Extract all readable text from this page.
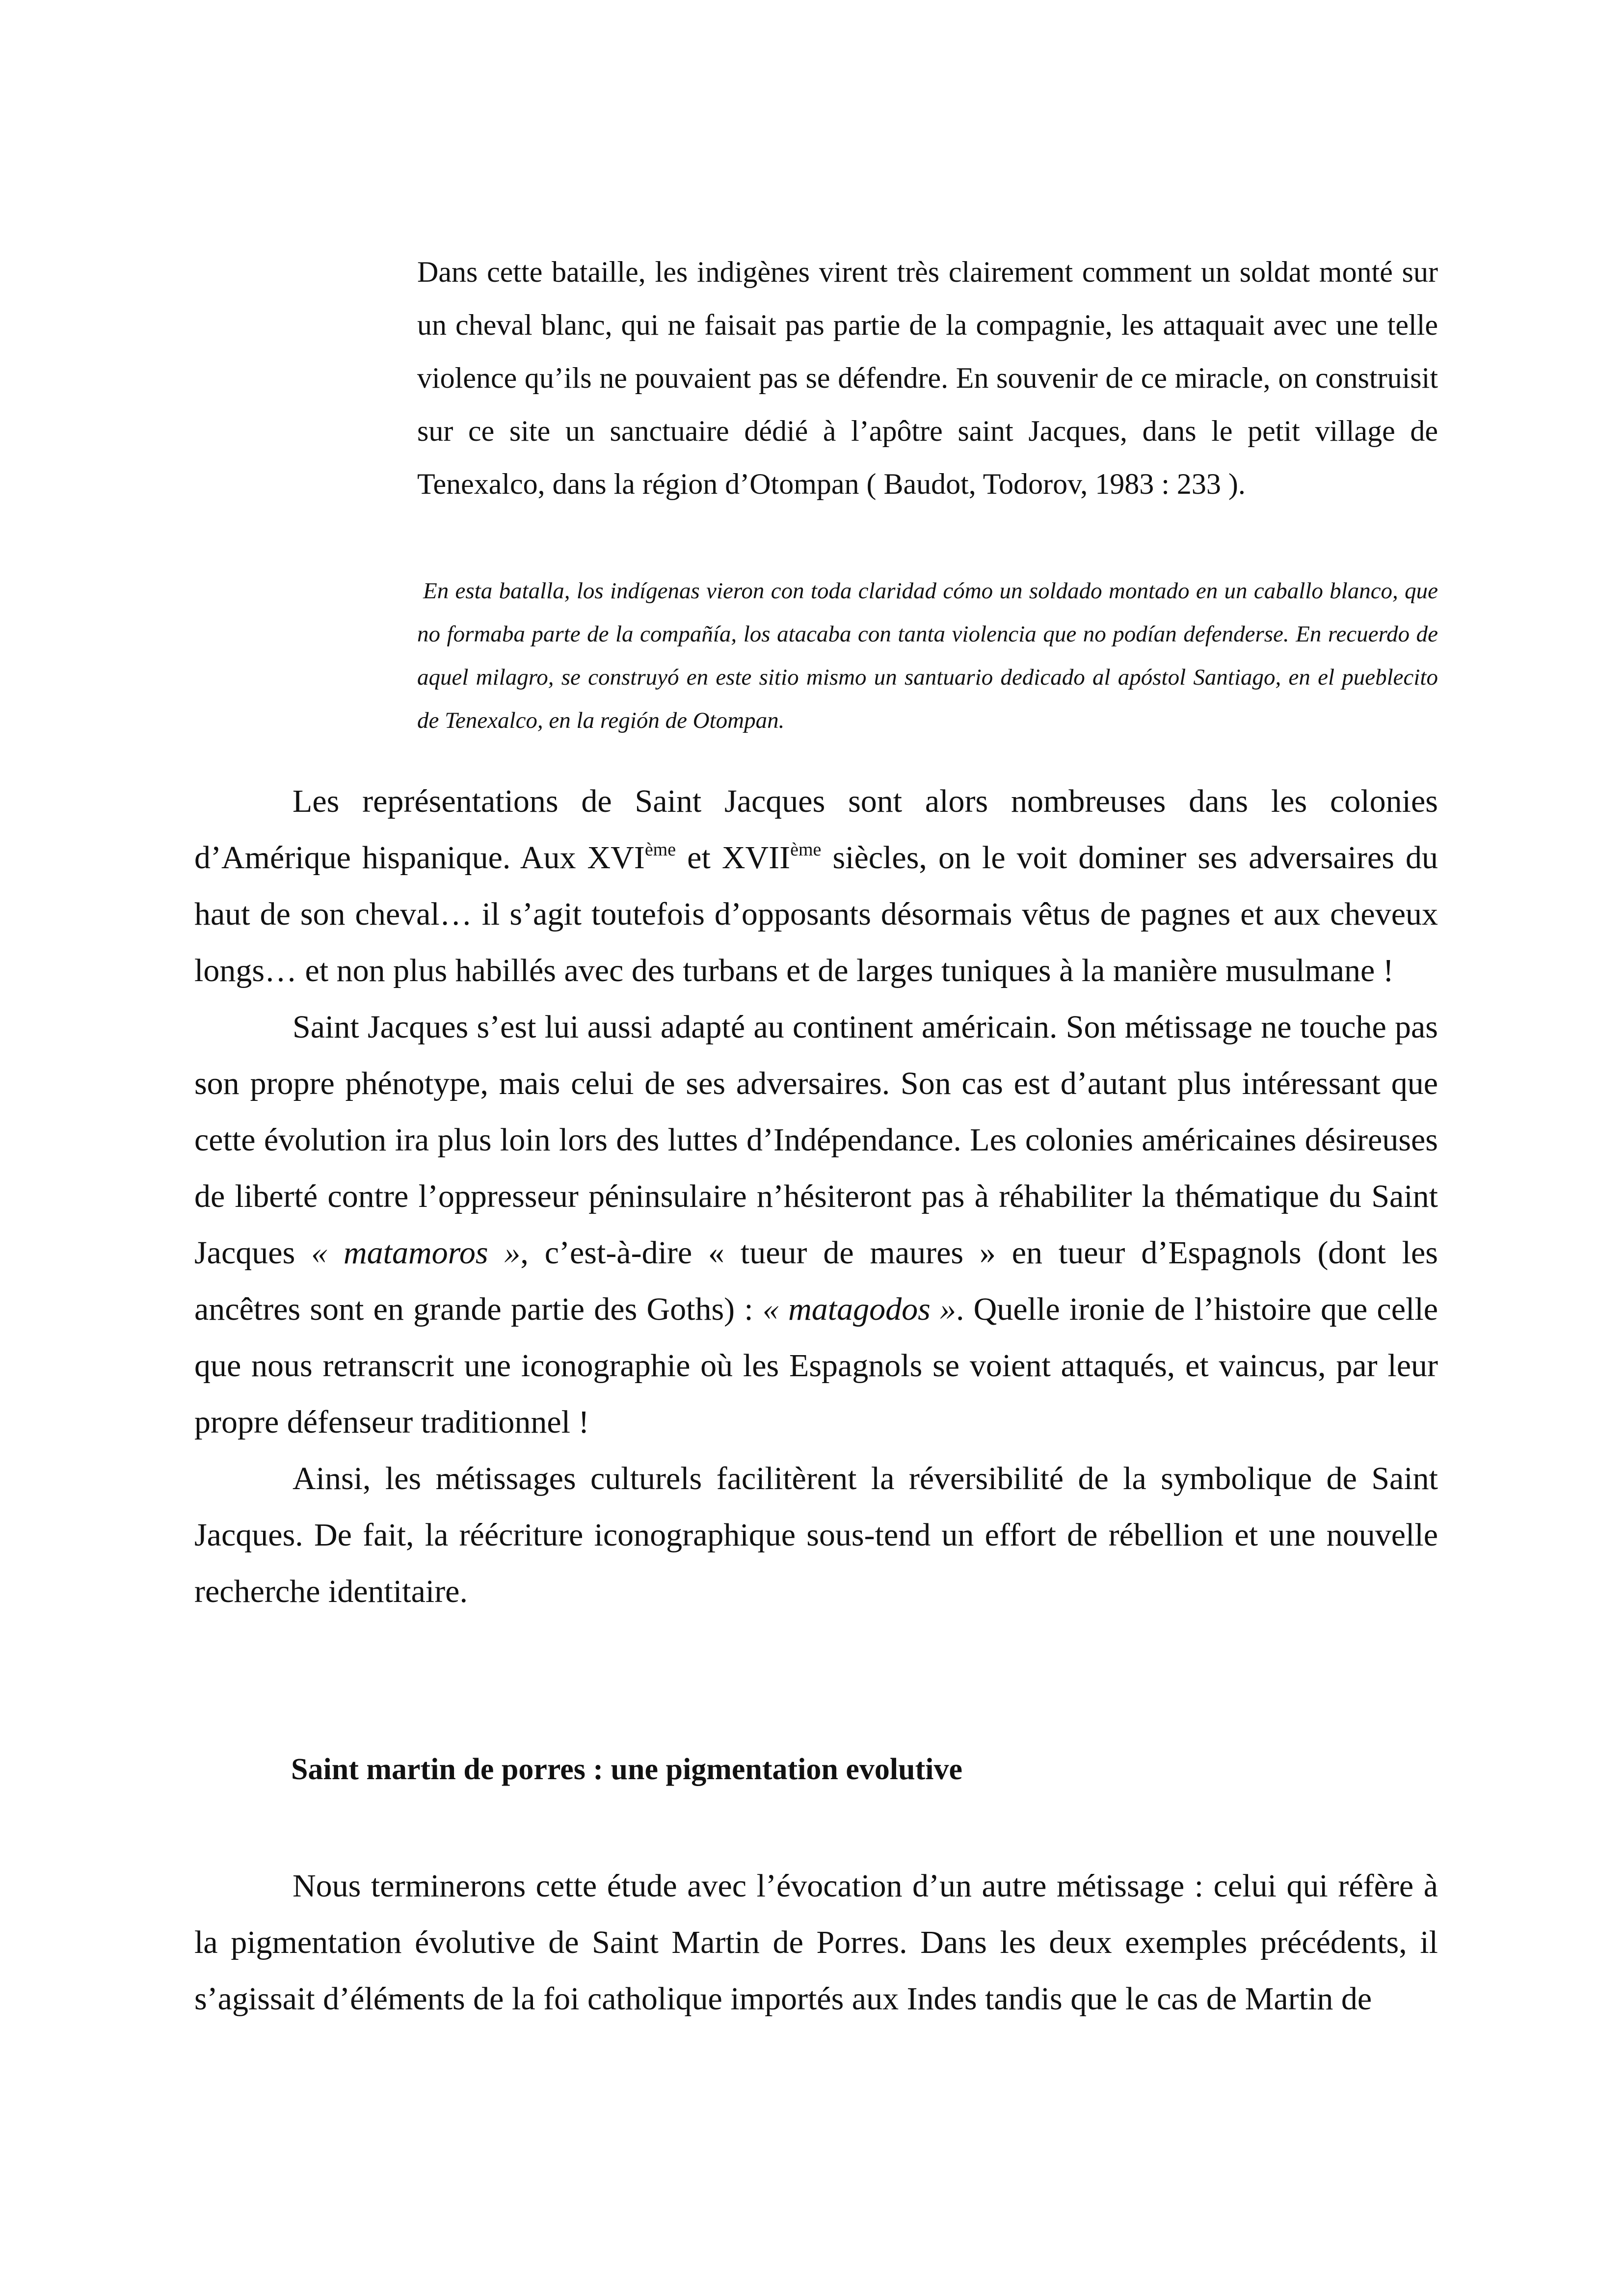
Dans cette bataille, les indigènes virent très clairement comment un soldat monté sur un cheval blanc, qui ne faisait pas partie de la compagnie, les attaquait avec une telle violence qu’ils ne pouvaient pas se défendre. En souvenir de ce miracle, on construisit sur ce site un sanctuaire dédié à l’apôtre saint Jacques, dans le petit village de Tenexalco, dans la région d’Otompan ( Baudot, Todorov, 1983 : 233 ).

En esta batalla, los indígenas vieron con toda claridad cómo un soldado montado en un caballo blanco, que no formaba parte de la compañía, los atacaba con tanta violencia que no podían defenderse. En recuerdo de aquel milagro, se construyó en este sitio mismo un santuario dedicado al apóstol Santiago, en el pueblecito de Tenexalco, en la región de Otompan.

Les représentations de Saint Jacques sont alors nombreuses dans les colonies d’Amérique hispanique. Aux XVIème et XVIIème siècles, on le voit dominer ses adversaires du haut de son cheval… il s’agit toutefois d’opposants désormais vêtus de pagnes et aux cheveux longs… et non plus habillés avec des turbans et de larges tuniques à la manière musulmane !

Saint Jacques s’est lui aussi adapté au continent américain. Son métissage ne touche pas son propre phénotype, mais celui de ses adversaires. Son cas est d’autant plus intéressant que cette évolution ira plus loin lors des luttes d’Indépendance. Les colonies américaines désireuses de liberté contre l’oppresseur péninsulaire n’hésiteront pas à réhabiliter la thématique du Saint Jacques « matamoros », c’est-à-dire « tueur de maures » en tueur d’Espagnols (dont les ancêtres sont en grande partie des Goths) : « matagodos ». Quelle ironie de l’histoire que celle que nous retranscrit une iconographie où les Espagnols se voient attaqués, et vaincus, par leur propre défenseur traditionnel !

Ainsi, les métissages culturels facilitèrent la réversibilité de la symbolique de Saint Jacques. De fait, la réécriture iconographique sous-tend un effort de rébellion et une nouvelle recherche identitaire.

Saint martin de porres : une pigmentation evolutive

Nous terminerons cette étude avec l’évocation d’un autre métissage : celui qui réfère à la pigmentation évolutive de Saint Martin de Porres. Dans les deux exemples précédents, il s’agissait d’éléments de la foi catholique importés aux Indes tandis que le cas de Martin de
